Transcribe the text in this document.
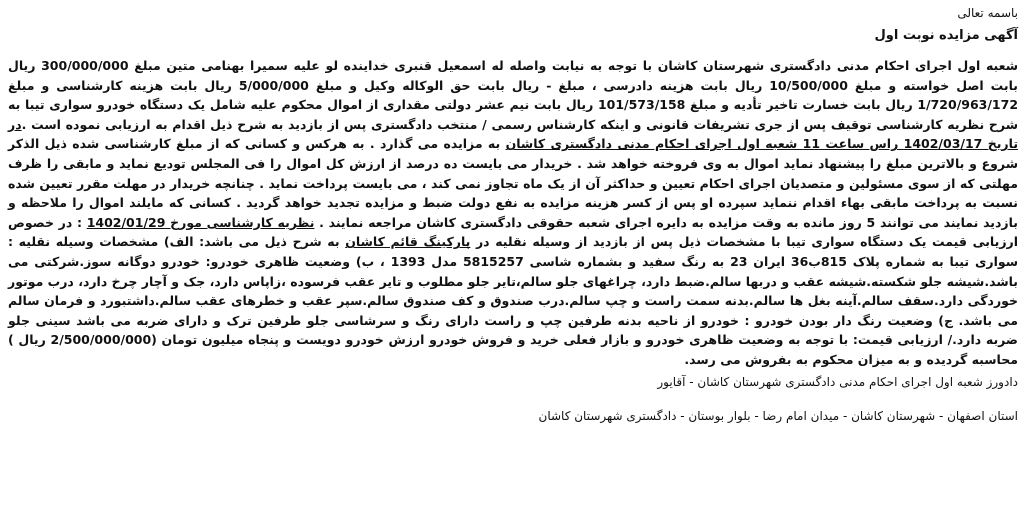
باسمه تعالی

آگهی مزایده نوبت اول

شعبه اول اجرای احکام مدنی دادگستری شهرستان کاشان با توجه به نیابت واصله له اسمعیل قنبری خداینده لو علیه سمیرا بهنامی متین مبلغ 300/000/000 ریال بابت اصل خواسته و مبلغ 10/500/000 ریال بابت هزینه دادرسی ، مبلغ - ریال بابت حق الوکاله وکیل و مبلغ 5/000/000 ریال بابت هزینه کارشناسی و مبلغ 1/720/963/172 ریال بابت خسارت تاخیر تأدیه و مبلغ 101/573/158 ریال بابت نیم عشر دولتی مقداری از اموال محکوم علیه شامل یک دستگاه خودرو سواری تیبا به شرح نظریه کارشناسی توقیف پس از جری تشریفات قانونی و اینکه کارشناس رسمی / منتخب دادگستری پس از بازدید به شرح ذیل اقدام به ارزیابی نموده است .در تاریخ 1402/03/17 راس ساعت 11 شعبه اول اجرای احکام مدنی دادگستری کاشان به مزایده می گذارد . به هرکس و کسانی که از مبلغ کارشناسی شده ذیل الذکر شروع و بالاترین مبلغ را پیشنهاد نماید اموال به وی فروخته خواهد شد . خریدار می بایست ده درصد از ارزش کل اموال را فی المجلس تودیع نماید و مابقی را ظرف مهلتی که از سوی مسئولین و متصدیان اجرای احکام تعیین و حداکثر آن از یک ماه تجاوز نمی کند ، می بایست پرداخت نماید . چنانچه خریدار در مهلت مقرر تعیین شده نسبت به پرداخت مابقی بهاء اقدام ننماید سپرده او پس از کسر هزینه مزایده به نفع دولت ضبط و مزایده تجدید خواهد گردید . کسانی که مایلند اموال را ملاحظه و بازدید نمایند می توانند 5 روز مانده به وقت مزایده به دایره اجرای شعبه حقوقی دادگستری کاشان مراجعه نمایند . نظریه کارشناسی مورخ 1402/01/29 : در خصوص ارزیابی قیمت یک دستگاه سواری تیبا با مشخصات ذیل پس از بازدید از وسیله نقلیه در پارکینگ قائم کاشان به شرح ذیل می باشد: الف) مشخصات وسیله نقلیه : سواری تیبا به شماره پلاک 815ب36 ایران 23 به رنگ سفید و بشماره شاسی 5815257 مدل 1393 ، ب) وضعیت ظاهری خودرو: خودرو دوگانه سوز.شرکتی می باشد.شیشه جلو شکسته.شیشه عقب و دربها سالم.ضبط دارد، چراغهای جلو سالم،تایر جلو مطلوب و تایر عقب فرسوده ،زاپاس دارد، جک و آچار چرخ دارد، درب موتور خوردگی دارد.سقف سالم.آینه بغل ها سالم.بدنه سمت راست و چپ سالم.درب صندوق و کف صندوق سالم.سپر عقب و خطرهای عقب سالم.داشتبورد و فرمان سالم می باشد. ج) وضعیت رنگ دار بودن خودرو : خودرو از ناحیه بدنه طرفین چپ و راست دارای رنگ و سرشاسی جلو طرفین ترک و دارای ضربه می باشد سینی جلو ضربه دارد./ ارزیابی قیمت: با توجه به وضعیت ظاهری خودرو و بازار فعلی خرید و فروش خودرو ارزش خودرو دویست و پنجاه میلیون تومان (2/500/000/000 ریال ) محاسبه گردیده و به میزان محکوم به بفروش می رسد.

دادورز شعبه اول اجرای احکام مدنی دادگستری شهرستان کاشان - آقایور

استان اصفهان - شهرستان کاشان - میدان امام رضا - بلوار بوستان - دادگستری شهرستان کاشان
